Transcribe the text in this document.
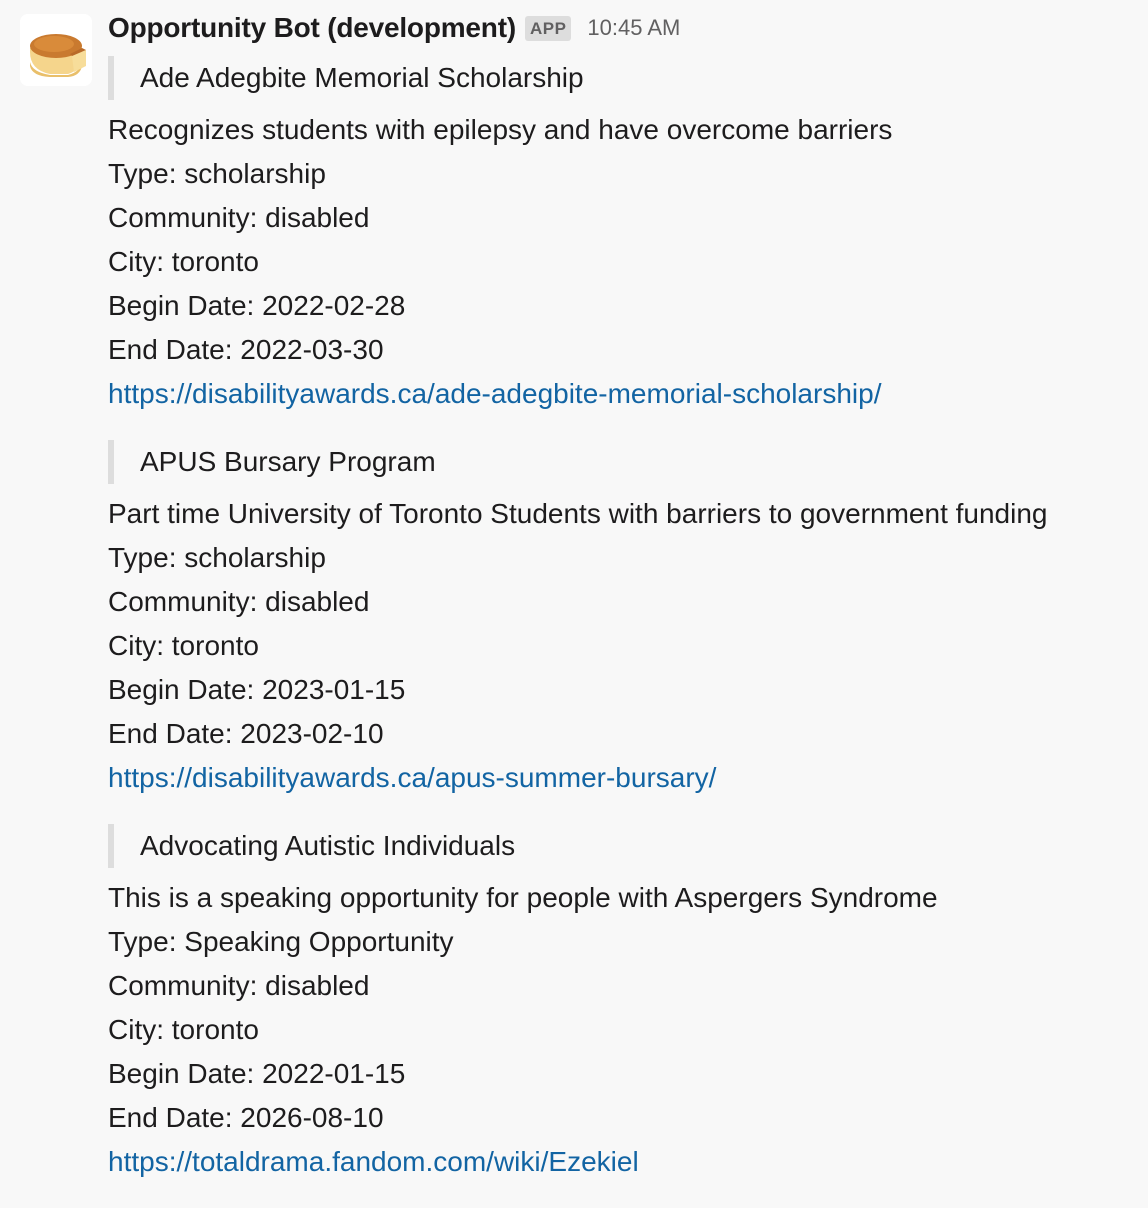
Opportunity Bot (development) APP 10:45 AM
Ade Adegbite Memorial Scholarship
Recognizes students with epilepsy and have overcome barriers
Type: scholarship
Community: disabled
City: toronto
Begin Date: 2022-02-28
End Date: 2022-03-30
https://disabilityawards.ca/ade-adegbite-memorial-scholarship/
APUS Bursary Program
Part time University of Toronto Students with barriers to government funding
Type: scholarship
Community: disabled
City: toronto
Begin Date: 2023-01-15
End Date: 2023-02-10
https://disabilityawards.ca/apus-summer-bursary/
Advocating Autistic Individuals
This is a speaking opportunity for people with Aspergers Syndrome
Type: Speaking Opportunity
Community: disabled
City: toronto
Begin Date: 2022-01-15
End Date: 2026-08-10
https://totaldrama.fandom.com/wiki/Ezekiel
